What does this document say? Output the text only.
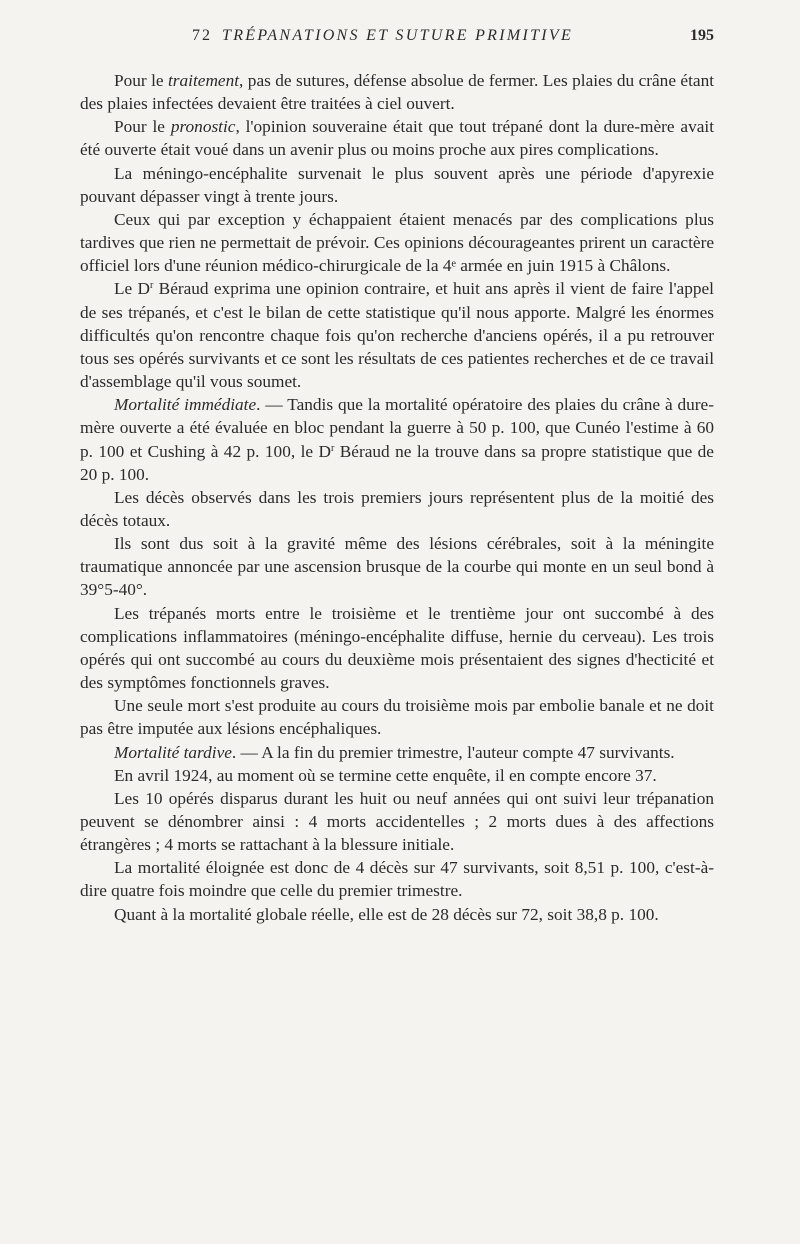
72 TRÉPANATIONS ET SUTURE PRIMITIVE	195

Pour le traitement, pas de sutures, défense absolue de fermer. Les plaies du crâne étant des plaies infectées devaient être traitées à ciel ouvert.

Pour le pronostic, l'opinion souveraine était que tout trépané dont la dure-mère avait été ouverte était voué dans un avenir plus ou moins proche aux pires complications.

La méningo-encéphalite survenait le plus souvent après une période d'apyrexie pouvant dépasser vingt à trente jours.

Ceux qui par exception y échappaient étaient menacés par des complications plus tardives que rien ne permettait de prévoir. Ces opinions décourageantes prirent un caractère officiel lors d'une réunion médico-chirurgicale de la 4ᵉ armée en juin 1915 à Châlons.

Le $D^r$ Béraud exprima une opinion contraire, et huit ans après il vient de faire l'appel de ses trépanés, et c'est le bilan de cette statistique qu'il nous apporte. Malgré les énormes difficultés qu'on rencontre chaque fois qu'on recherche d'anciens opérés, il a pu retrouver tous ses opérés survivants et ce sont les résultats de ces patientes recherches et de ce travail d'assemblage qu'il vous soumet.

Mortalité immédiate. — Tandis que la mortalité opératoire des plaies du crâne à dure-mère ouverte a été évaluée en bloc pendant la guerre à 50 p. 100, que Cunéo l'estime à 60 p. 100 et Cushing à 42 p. 100, le $D^r$ Béraud ne la trouve dans sa propre statistique que de 20 p. 100.

Les décès observés dans les trois premiers jours représentent plus de la moitié des décès totaux.

Ils sont dus soit à la gravité même des lésions cérébrales, soit à la méningite traumatique annoncée par une ascension brusque de la courbe qui monte en un seul bond à 39°5-40°.

Les trépanés morts entre le troisième et le trentième jour ont succombé à des complications inflammatoires (méningo-encéphalite diffuse, hernie du cerveau). Les trois opérés qui ont succombé au cours du deuxième mois présentaient des signes d'hecticité et des symptômes fonctionnels graves.

Une seule mort s'est produite au cours du troisième mois par embolie banale et ne doit pas être imputée aux lésions encéphaliques.

Mortalité tardive. — A la fin du premier trimestre, l'auteur compte 47 survivants.

En avril 1924, au moment où se termine cette enquête, il en compte encore 37.

Les 10 opérés disparus durant les huit ou neuf années qui ont suivi leur trépanation peuvent se dénombrer ainsi : 4 morts accidentelles ; 2 morts dues à des affections étrangères ; 4 morts se rattachant à la blessure initiale.

La mortalité éloignée est donc de 4 décès sur 47 survivants, soit 8,51 p. 100, c'est-à-dire quatre fois moindre que celle du premier trimestre.

Quant à la mortalité globale réelle, elle est de 28 décès sur 72, soit 38,8 p. 100.
